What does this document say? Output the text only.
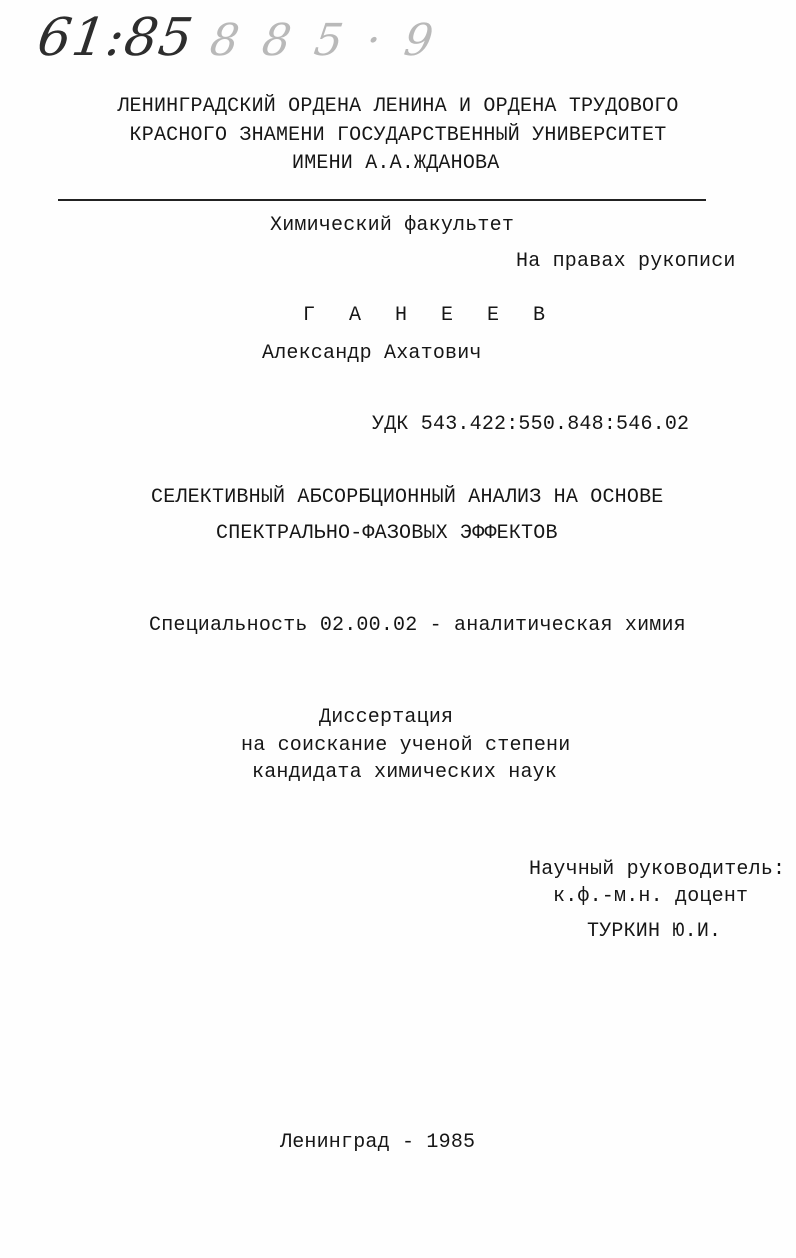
61:85 8 8 5 · 9
ЛЕНИНГРАДСКИЙ ОРДЕНА ЛЕНИНА И ОРДЕНА ТРУДОВОГО
КРАСНОГО ЗНАМЕНИ ГОСУДАРСТВЕННЫЙ УНИВЕРСИТЕТ
ИМЕНИ А.А.ЖДАНОВА
Химический факультет
На правах рукописи
Г А Н Е Е В
Александр Ахатович
УДК 543.422:550.848:546.02
СЕЛЕКТИВНЫЙ АБСОРБЦИОННЫЙ АНАЛИЗ НА ОСНОВЕ
СПЕКТРАЛЬНО-ФАЗОВЫХ ЭФФЕКТОВ
Специальность 02.00.02 - аналитическая химия
Диссертация
на соискание ученой степени
кандидата химических наук
Научный руководитель:
к.ф.-м.н. доцент
ТУРКИН Ю.И.
Ленинград - 1985
